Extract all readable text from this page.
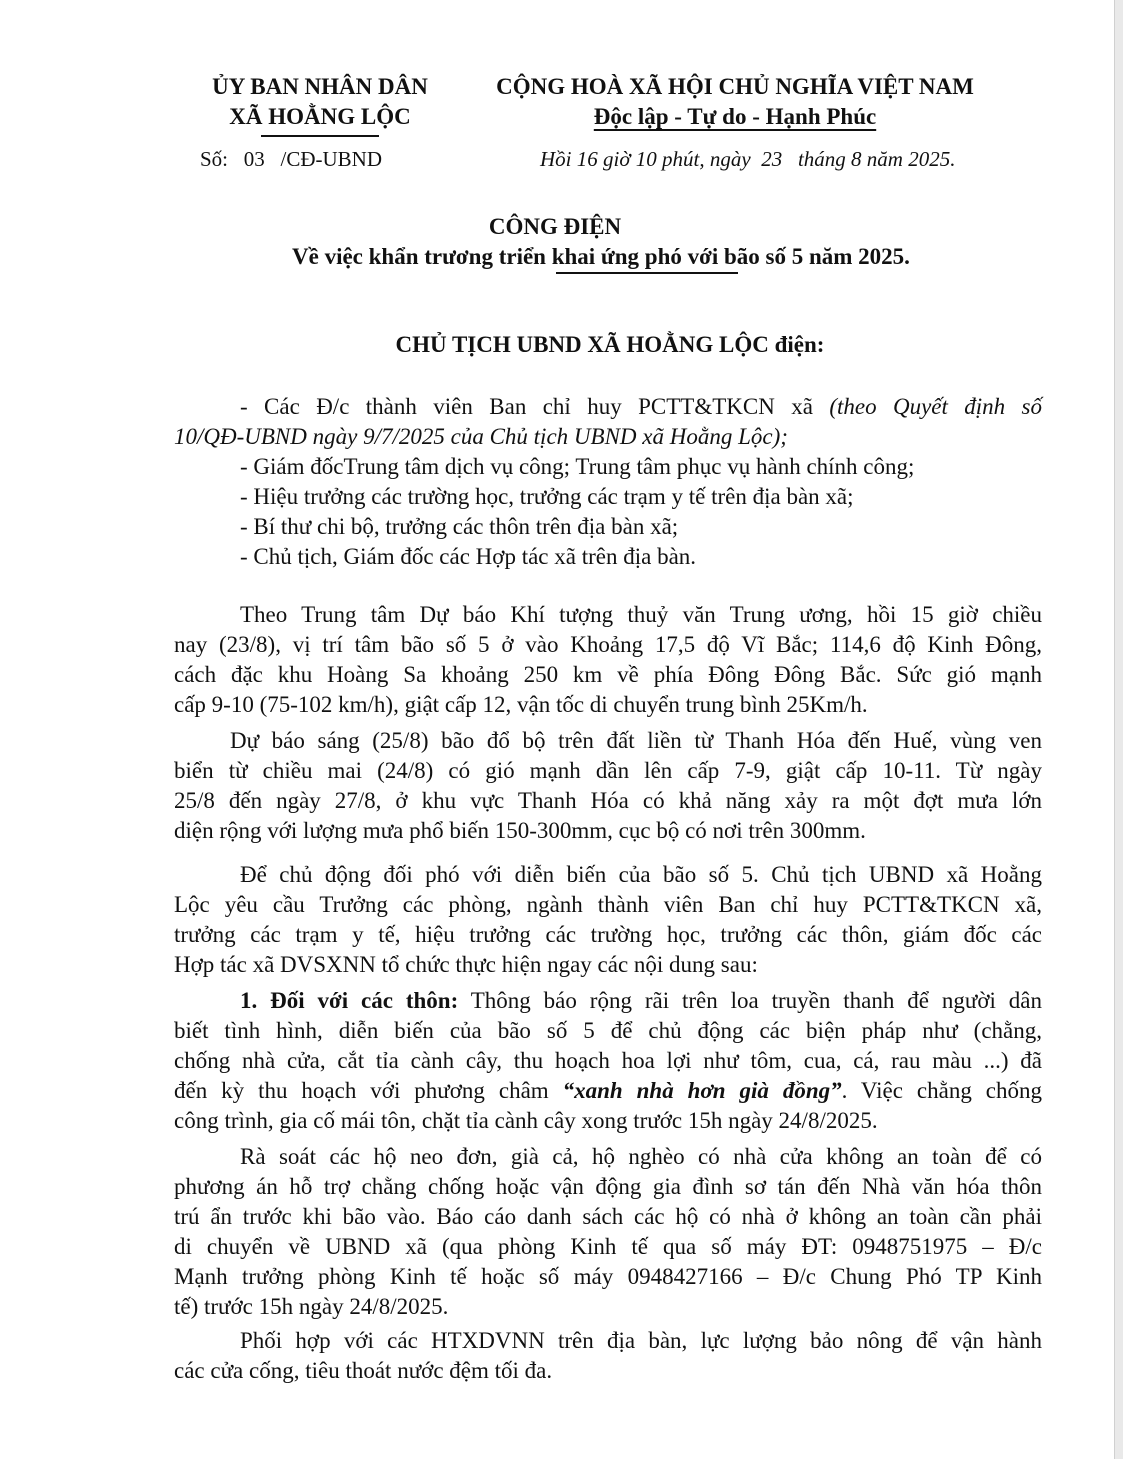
ỦY BAN NHÂN DÂN
XÃ HOẰNG LỘC
CỘNG HOÀ XÃ HỘI CHỦ NGHĨA VIỆT NAM
Độc lập - Tự do - Hạnh Phúc
Số:   03   /CĐ-UBND	Hồi 16 giờ 10 phút, ngày  23   tháng 8 năm 2025.
CÔNG ĐIỆN
Về việc khẩn trương triển khai ứng phó với bão số 5 năm 2025.
CHỦ TỊCH UBND XÃ HOẰNG LỘC điện:
- Các Đ/c thành viên Ban chỉ huy PCTT&TKCN xã (theo Quyết định số
10/QĐ-UBND ngày 9/7/2025 của Chủ tịch UBND xã Hoằng Lộc);
- Giám đốcTrung tâm dịch vụ công; Trung tâm phục vụ hành chính công;
- Hiệu trưởng các trường học, trưởng các trạm y tế trên địa bàn xã;
- Bí thư chi bộ, trưởng các thôn trên địa bàn xã;
- Chủ tịch, Giám đốc các Hợp tác xã trên địa bàn.
Theo Trung tâm Dự báo Khí tượng thuỷ văn Trung ương, hồi 15 giờ chiều
nay (23/8), vị trí tâm bão số 5 ở vào Khoảng 17,5 độ Vĩ Bắc; 114,6 độ Kinh Đông,
cách đặc khu Hoàng Sa khoảng 250 km về phía Đông Đông Bắc. Sức gió mạnh
cấp 9-10 (75-102 km/h), giật cấp 12, vận tốc di chuyển trung bình 25Km/h.
Dự báo sáng (25/8) bão đổ bộ trên đất liền từ Thanh Hóa đến Huế, vùng ven
biển từ chiều mai (24/8) có gió mạnh dần lên cấp 7-9, giật cấp 10-11. Từ ngày
25/8 đến ngày 27/8, ở khu vực Thanh Hóa có khả năng xảy ra một đợt mưa lớn
diện rộng với lượng mưa phổ biến 150-300mm, cục bộ có nơi trên 300mm.
Để chủ động đối phó với diễn biến của bão số 5. Chủ tịch UBND xã Hoằng
Lộc yêu cầu Trưởng các phòng, ngành thành viên Ban chỉ huy PCTT&TKCN xã,
trưởng các trạm y tế, hiệu trưởng các trường học, trưởng các thôn, giám đốc các
Hợp tác xã DVSXNN tổ chức thực hiện ngay các nội dung sau:
1. Đối với các thôn: Thông báo rộng rãi trên loa truyền thanh để người dân
biết tình hình, diễn biến của bão số 5 để chủ động các biện pháp như (chằng,
chống nhà cửa, cắt tỉa cành cây, thu hoạch hoa lợi như tôm, cua, cá, rau màu ...) đã
đến kỳ thu hoạch với phương châm “xanh nhà hơn già đồng”. Việc chằng chống
công trình, gia cố mái tôn, chặt tỉa cành cây xong trước 15h ngày 24/8/2025.
Rà soát các hộ neo đơn, già cả, hộ nghèo có nhà cửa không an toàn để có
phương án hỗ trợ chằng chống hoặc vận động gia đình sơ tán đến Nhà văn hóa thôn
trú ẩn trước khi bão vào. Báo cáo danh sách các hộ có nhà ở không an toàn cần phải
di chuyển về UBND xã (qua phòng Kinh tế qua số máy ĐT: 0948751975 – Đ/c
Mạnh trưởng phòng Kinh tế hoặc số máy 0948427166 – Đ/c Chung Phó TP Kinh
tế) trước 15h ngày 24/8/2025.
Phối hợp với các HTXDVNN trên địa bàn, lực lượng bảo nông để vận hành
các cửa cống, tiêu thoát nước đệm tối đa.
